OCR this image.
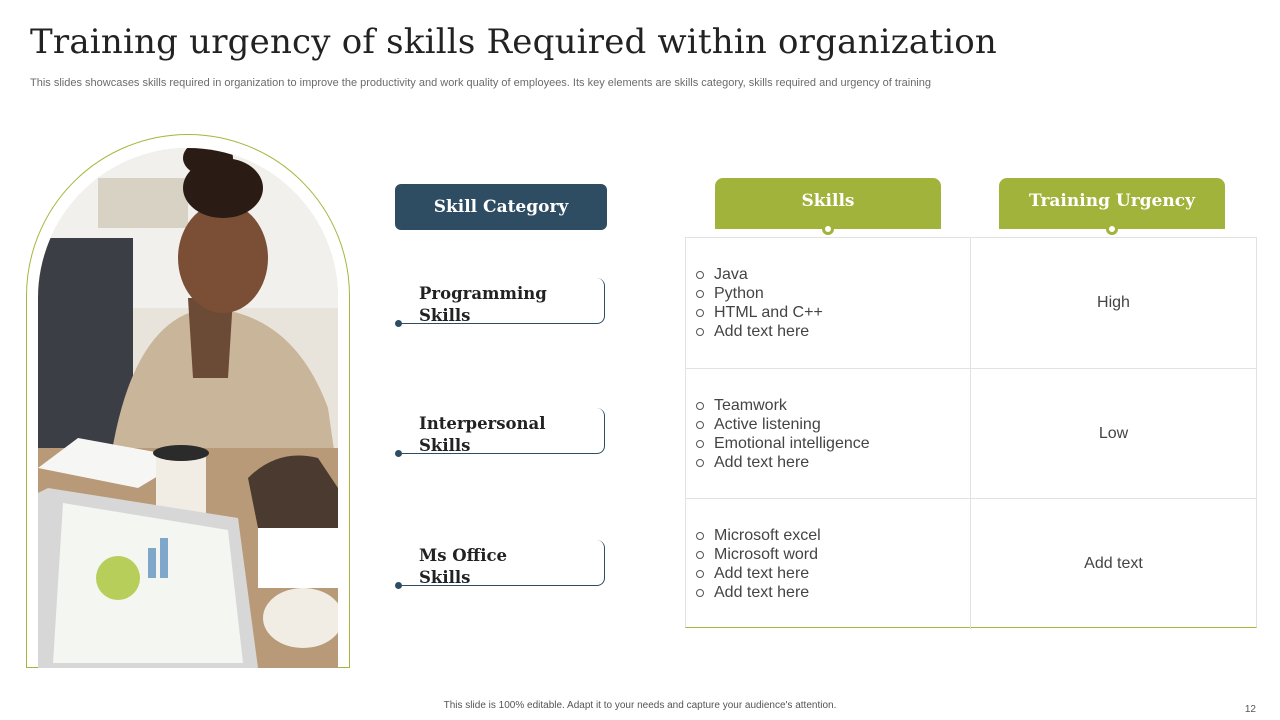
Training urgency of skills Required within organization
This slides showcases skills required in organization to improve the productivity and work quality of employees. Its key elements are skills category, skills required and urgency of training
Skill Category
Programming
Skills
Interpersonal
Skills
Ms Office
Skills
Skills	Training Urgency
Java
Python
HTML and C++
Add text here
High
Teamwork
Active listening
Emotional intelligence
Add text here
Low
Microsoft excel
Microsoft word
Add text here
Add text here
Add text
This slide is 100% editable. Adapt it to your needs and capture your audience's attention.	12
